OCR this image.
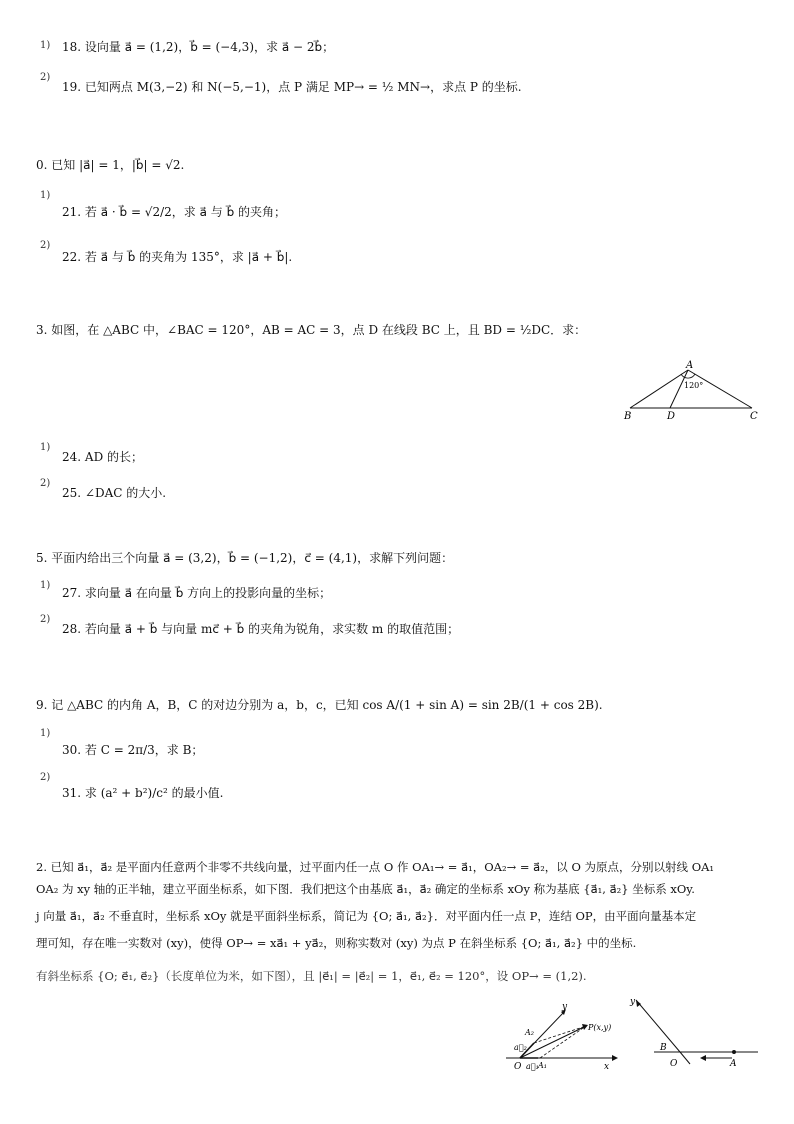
1) 18. 设向量 a⃗ = (1,2)，b⃗ = (−4,3)，求 a⃗ − 2b⃗；
2)
19. 已知两点 M(3,−2) 和 N(−5,−1)，点 P 满足 MP→ = ½ MN→，求点 P 的坐标.
0. 已知 |a⃗| = 1，|b⃗| = √2.
1)
21. 若 a⃗ · b⃗ = √2/2，求 a⃗ 与 b⃗ 的夹角；
2)
22. 若 a⃗ 与 b⃗ 的夹角为 135°，求 |a⃗ + b⃗|.
3. 如图，在 △ABC 中，∠BAC = 120°，AB = AC = 3，点 D 在线段 BC 上，且 BD = ½DC．求：
A
B	C
D
120°
1)
24. AD 的长；
2)
25. ∠DAC 的大小.
5. 平面内给出三个向量 a⃗ = (3,2)，b⃗ = (−1,2)，c⃗ = (4,1)，求解下列问题：
1)
27. 求向量 a⃗ 在向量 b⃗ 方向上的投影向量的坐标；
2)
28. 若向量 a⃗ + b⃗ 与向量 mc⃗ + b⃗ 的夹角为锐角，求实数 m 的取值范围；
9. 记 △ABC 的内角 A，B，C 的对边分别为 a，b，c，已知 cos A/(1 + sin A) = sin 2B/(1 + cos 2B).
1)
30. 若 C = 2π/3，求 B；
2)
31. 求 (a² + b²)/c² 的最小值.
2. 已知 a⃗₁，a⃗₂ 是平面内任意两个非零不共线向量，过平面内任一点 O 作 OA₁→ = a⃗₁，OA₂→ = a⃗₂，以 O 为原点，分别以射线 OA₁
OA₂ 为 xy 轴的正半轴，建立平面坐标系，如下图．我们把这个由基底 a⃗₁，a⃗₂ 确定的坐标系 xOy 称为基底 {a⃗₁, a⃗₂} 坐标系 xOy.
j 向量 a⃗₁，a⃗₂ 不垂直时，坐标系 xOy 就是平面斜坐标系，简记为 {O; a⃗₁, a⃗₂}．对平面内任一点 P，连结 OP，由平面向量基本定
理可知，存在唯一实数对 (xy)，使得 OP→ = xa⃗₁ + ya⃗₂，则称实数对 (xy) 为点 P 在斜坐标系 {O; a⃗₁, a⃗₂} 中的坐标.
有斜坐标系 {O; e⃗₁, e⃗₂}（长度单位为米，如下图），且 |e⃗₁| = |e⃗₂| = 1，e⃗₁, e⃗₂ = 120°，设 OP→ = (1,2).
y
x
O A₁
A₂
a⃗₁
a⃗₂
P(x,y)
y
B
O	A
